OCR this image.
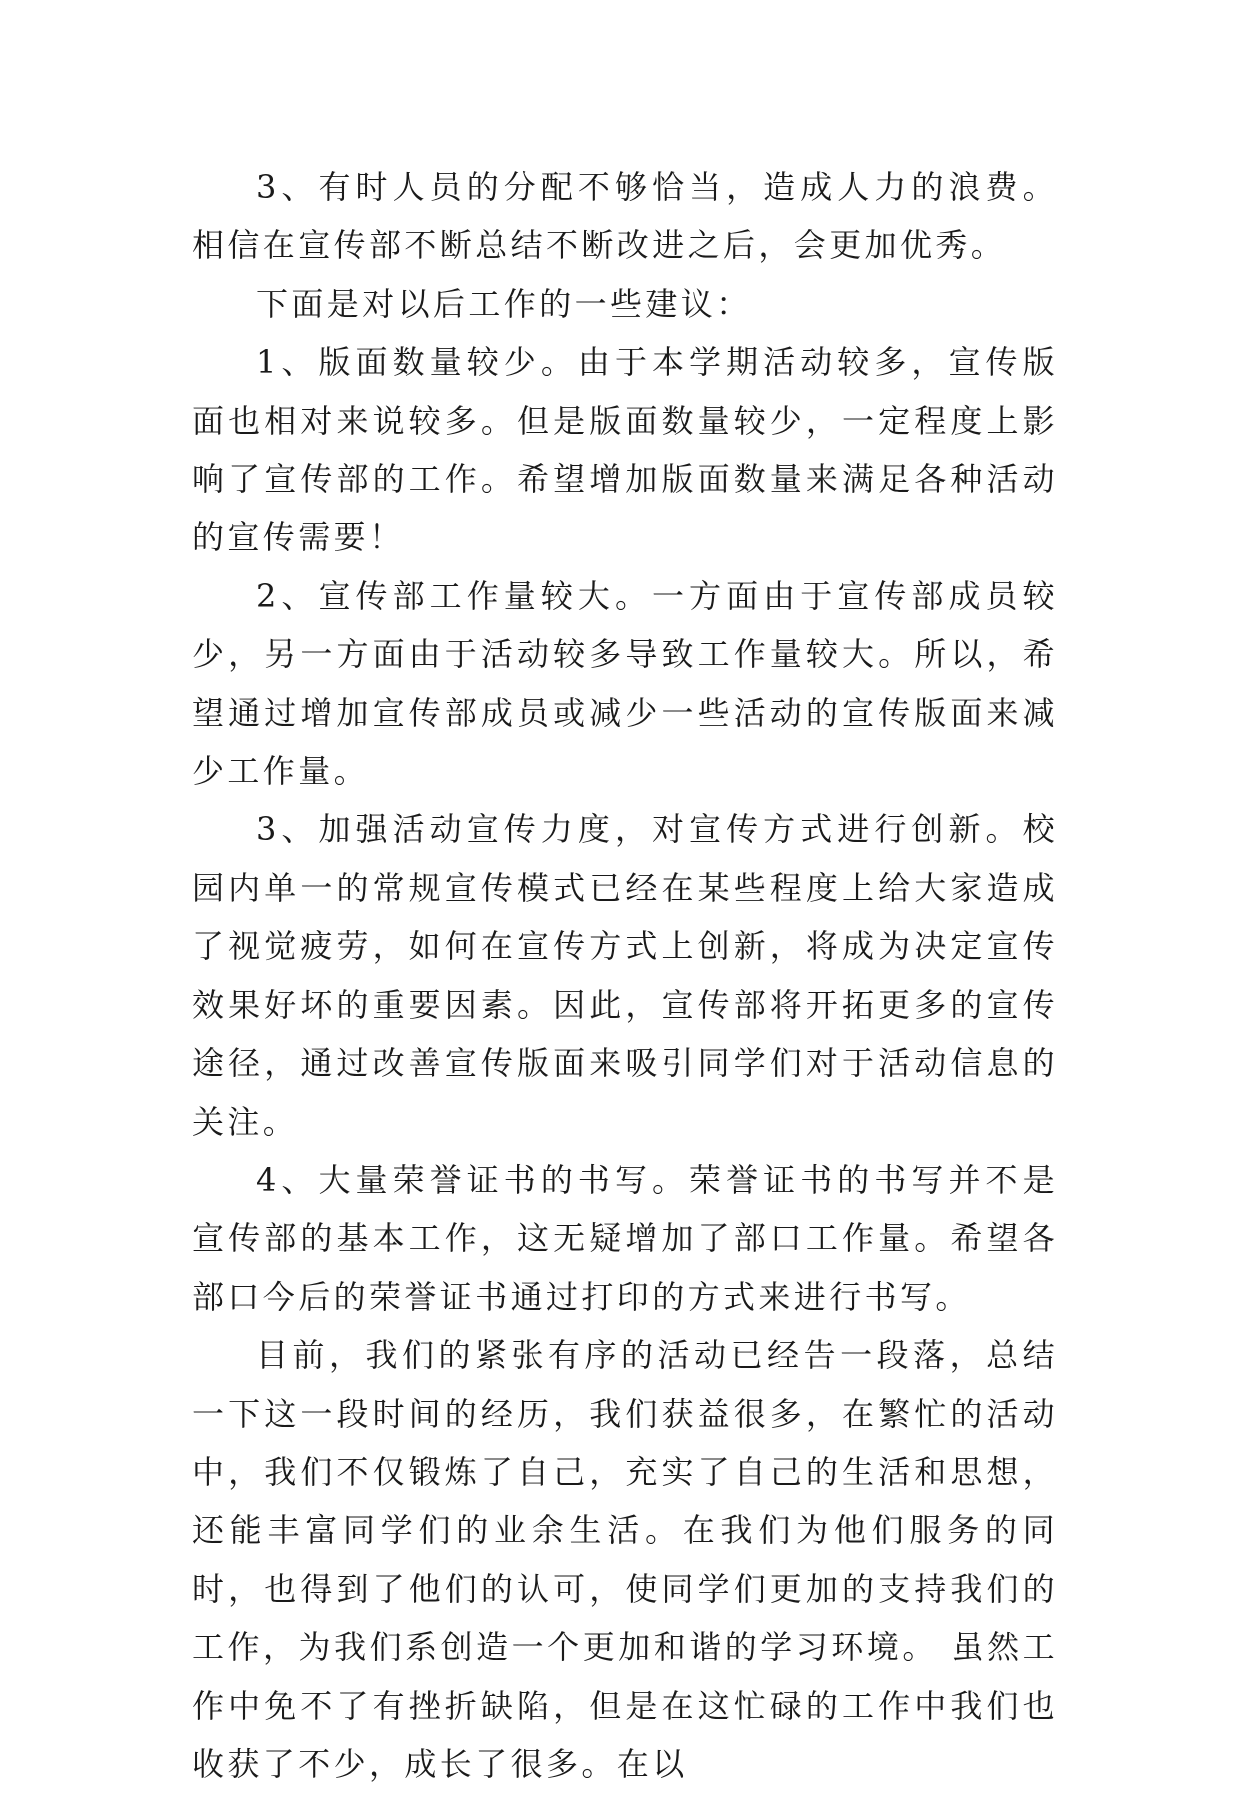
3、有时人员的分配不够恰当，造成人力的浪费。相信在宣传部不断总结不断改进之后，会更加优秀。

下面是对以后工作的一些建议：

1、版面数量较少。由于本学期活动较多，宣传版面也相对来说较多。但是版面数量较少，一定程度上影响了宣传部的工作。希望增加版面数量来满足各种活动的宣传需要！

2、宣传部工作量较大。一方面由于宣传部成员较少，另一方面由于活动较多导致工作量较大。所以，希望通过增加宣传部成员或减少一些活动的宣传版面来减少工作量。

3、加强活动宣传力度，对宣传方式进行创新。校园内单一的常规宣传模式已经在某些程度上给大家造成了视觉疲劳，如何在宣传方式上创新，将成为决定宣传效果好坏的重要因素。因此，宣传部将开拓更多的宣传途径，通过改善宣传版面来吸引同学们对于活动信息的关注。

4、大量荣誉证书的书写。荣誉证书的书写并不是宣传部的基本工作，这无疑增加了部口工作量。希望各部口今后的荣誉证书通过打印的方式来进行书写。

目前，我们的紧张有序的活动已经告一段落，总结一下这一段时间的经历，我们获益很多，在繁忙的活动中，我们不仅锻炼了自己，充实了自己的生活和思想，还能丰富同学们的业余生活。在我们为他们服务的同时，也得到了他们的认可，使同学们更加的支持我们的工作，为我们系创造一个更加和谐的学习环境。 虽然工作中免不了有挫折缺陷，但是在这忙碌的工作中我们也收获了不少，成长了很多。在以
